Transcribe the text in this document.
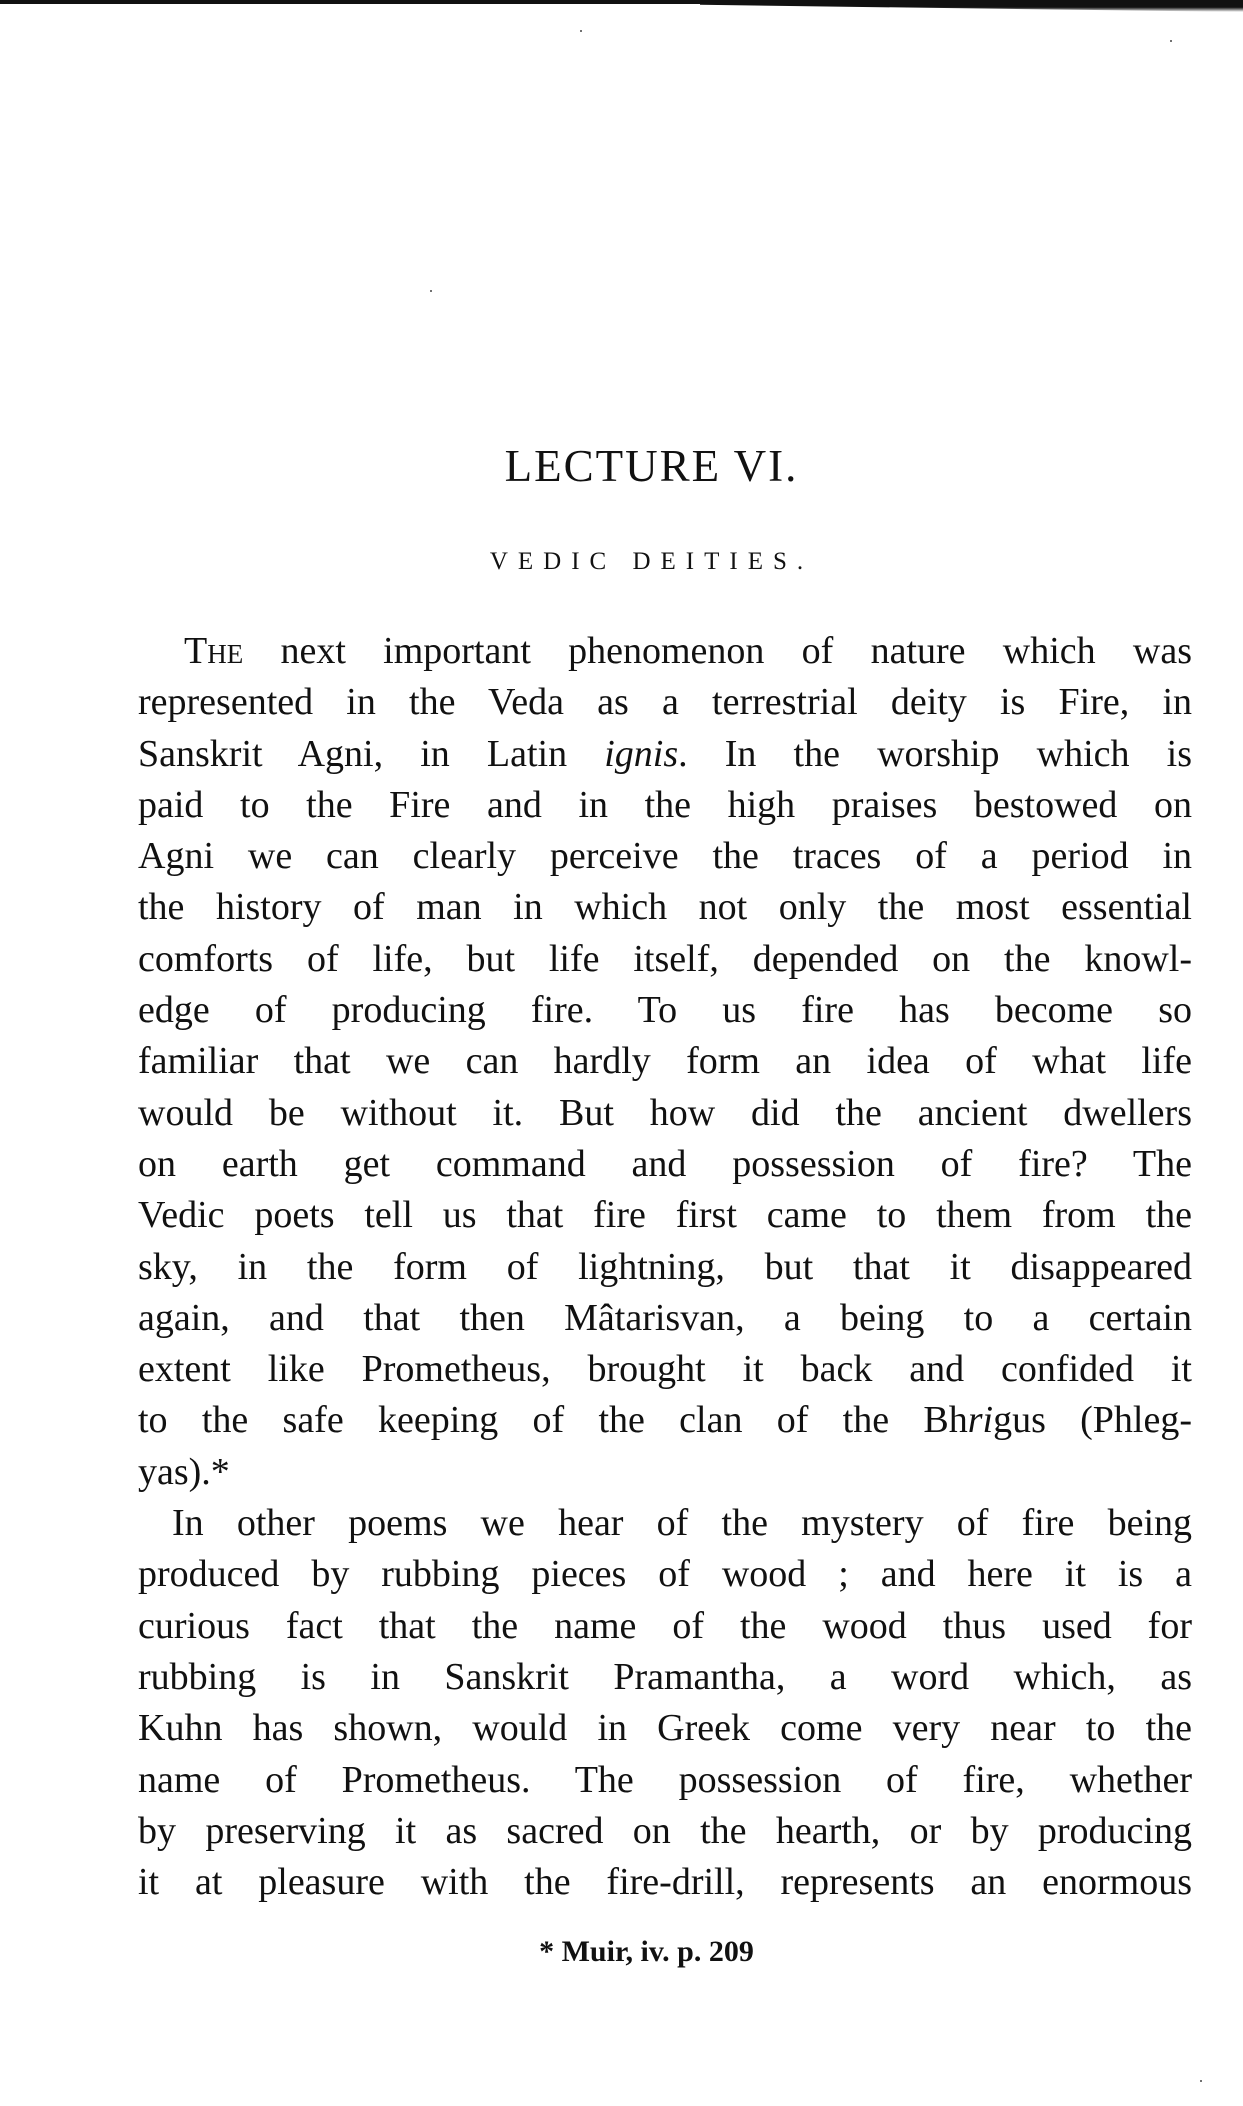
LECTURE VI.
VEDIC DEITIES.
The next important phenomenon of nature which was
represented in the Veda as a terrestrial deity is Fire, in
Sanskrit Agni, in Latin ignis. In the worship which is
paid to the Fire and in the high praises bestowed on
Agni we can clearly perceive the traces of a period in
the history of man in which not only the most essential
comforts of life, but life itself, depended on the knowl-
edge of producing fire. To us fire has become so
familiar that we can hardly form an idea of what life
would be without it. But how did the ancient dwellers
on earth get command and possession of fire? The
Vedic poets tell us that fire first came to them from the
sky, in the form of lightning, but that it disappeared
again, and that then Mâtarisvan, a being to a certain
extent like Prometheus, brought it back and confided it
to the safe keeping of the clan of the Bhrigus (Phleg-
yas).*
In other poems we hear of the mystery of fire being
produced by rubbing pieces of wood ; and here it is a
curious fact that the name of the wood thus used for
rubbing is in Sanskrit Pramantha, a word which, as
Kuhn has shown, would in Greek come very near to the
name of Prometheus. The possession of fire, whether
by preserving it as sacred on the hearth, or by producing
it at pleasure with the fire-drill, represents an enormous
* Muir, iv. p. 209
